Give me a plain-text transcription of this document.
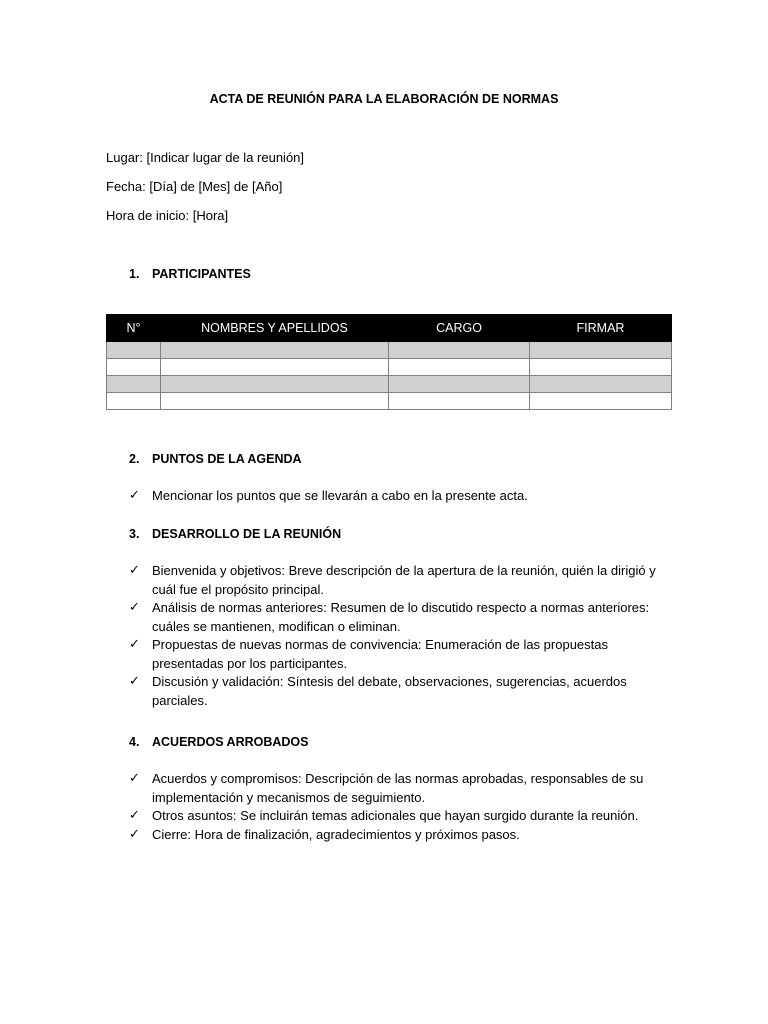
ACTA DE REUNIÓN PARA LA ELABORACIÓN DE NORMAS
Lugar: [Indicar lugar de la reunión]
Fecha: [Día] de [Mes] de [Año]
Hora de inicio: [Hora]
1. PARTICIPANTES
N°	NOMBRES Y APELLIDOS	CARGO	FIRMAR

2. PUNTOS DE LA AGENDA
✓ Mencionar los puntos que se llevarán a cabo en la presente acta.
3. DESARROLLO DE LA REUNIÓN
✓ Bienvenida y objetivos: Breve descripción de la apertura de la reunión, quién la dirigió y cuál fue el propósito principal.
✓ Análisis de normas anteriores: Resumen de lo discutido respecto a normas anteriores: cuáles se mantienen, modifican o eliminan.
✓ Propuestas de nuevas normas de convivencia: Enumeración de las propuestas presentadas por los participantes.
✓ Discusión y validación: Síntesis del debate, observaciones, sugerencias, acuerdos parciales.
4. ACUERDOS ARROBADOS
✓ Acuerdos y compromisos: Descripción de las normas aprobadas, responsables de su implementación y mecanismos de seguimiento.
✓ Otros asuntos: Se incluirán temas adicionales que hayan surgido durante la reunión.
✓ Cierre: Hora de finalización, agradecimientos y próximos pasos.
